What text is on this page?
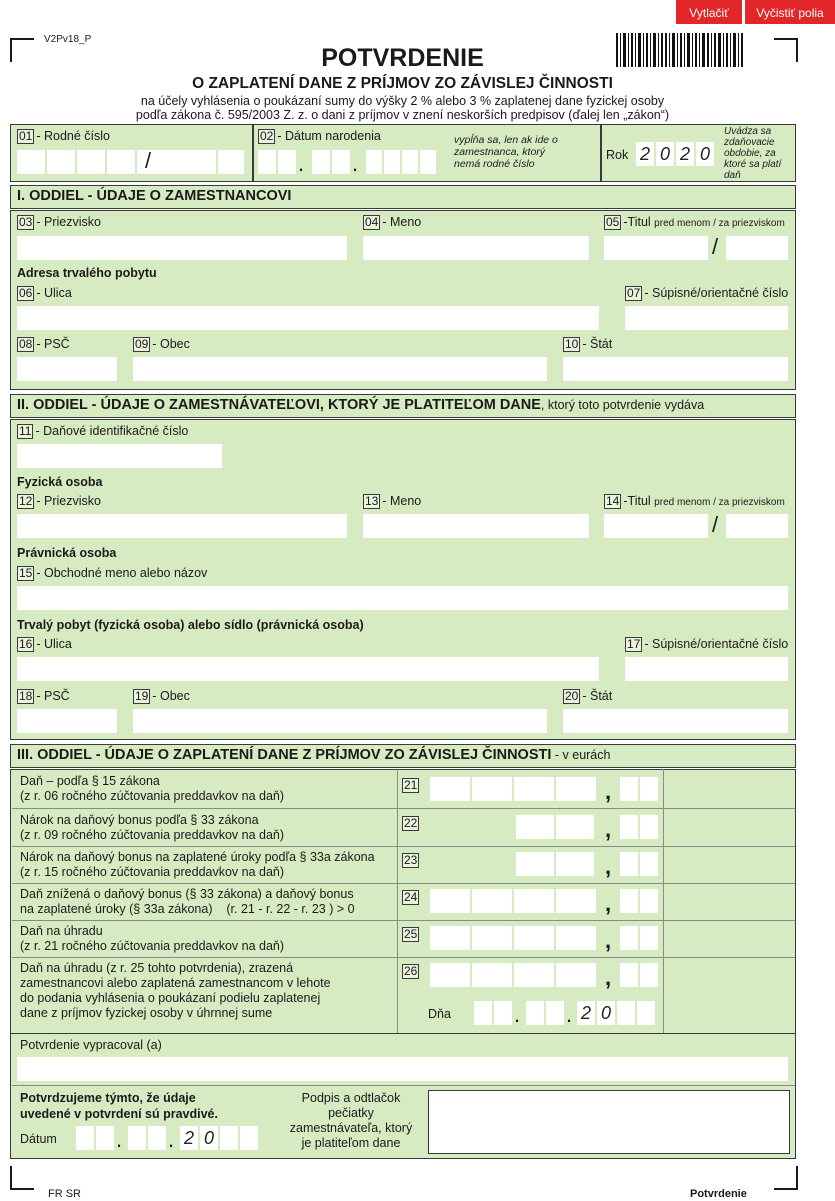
Vytlačiť	Vyčistiť polia
V2Pv18_P
POTVRDENIE
O ZAPLATENÍ DANE Z PRÍJMOV ZO ZÁVISLEJ ČINNOSTI
na účely vyhlásenia o poukázaní sumy do výšky 2 % alebo 3 % zaplatenej dane fyzickej osoby
podľa zákona č. 595/2003 Z. z. o dani z príjmov v znení neskorších predpisov (ďalej len „zákon“)
01 - Rodné číslo
/
02 - Dátum narodenia
. .
vypĺňa sa, len ak ide o zamestnanca, ktorý nemá rodné číslo
Rok 2 0 2 0
Uvádza sa zdaňovacie obdobie, za ktoré sa platí daň
I. ODDIEL - ÚDAJE O ZAMESTNANCOVI
03 - Priezvisko	04 - Meno	05 -Titul pred menom / za priezviskom
/
Adresa trvalého pobytu
06 - Ulica	07 - Súpisné/orientačné číslo
08 - PSČ	09 - Obec	10 - Štát
II. ODDIEL - ÚDAJE O ZAMESTNÁVATEĽOVI, KTORÝ JE PLATITEĽOM DANE, ktorý toto potvrdenie vydáva
11 - Daňové identifikačné číslo
Fyzická osoba
12 - Priezvisko	13 - Meno	14 -Titul pred menom / za priezviskom
/
Právnická osoba
15 - Obchodné meno alebo názov
Trvalý pobyt (fyzická osoba) alebo sídlo (právnická osoba)
16 - Ulica	17 - Súpisné/orientačné číslo
18 - PSČ	19 - Obec	20 - Štát
III. ODDIEL - ÚDAJE O ZAPLATENÍ DANE Z PRÍJMOV ZO ZÁVISLEJ ČINNOSTI - v eurách
Daň – podľa § 15 zákona
(z r. 06 ročného zúčtovania preddavkov na daň)
21	,
Nárok na daňový bonus podľa § 33 zákona
(z r. 09 ročného zúčtovania preddavkov na daň)
22	,
Nárok na daňový bonus na zaplatené úroky podľa § 33a zákona
(z r. 15 ročného zúčtovania preddavkov na daň)
23	,
Daň znížená o daňový bonus (§ 33 zákona) a daňový bonus
na zaplatené úroky (§ 33a zákona)    (r. 21 - r. 22 - r. 23 ) > 0
24	,
Daň na úhradu
(z r. 21 ročného zúčtovania preddavkov na daň)
25	,
Daň na úhradu (z r. 25 tohto potvrdenia), zrazená
zamestnancovi alebo zaplatená zamestnancom v lehote
do podania vyhlásenia o poukázaní podielu zaplatenej
dane z príjmov fyzickej osoby v úhrnnej sume
26	,
Dňa	. . 2 0
Potvrdenie vypracoval (a)
Potvrdzujeme týmto, že údaje
uvedené v potvrdení sú pravdivé.
Dátum	. . 2 0
Podpis a odtlačok
pečiatky
zamestnávateľa, ktorý
je platiteľom dane
FR SR	Potvrdenie
